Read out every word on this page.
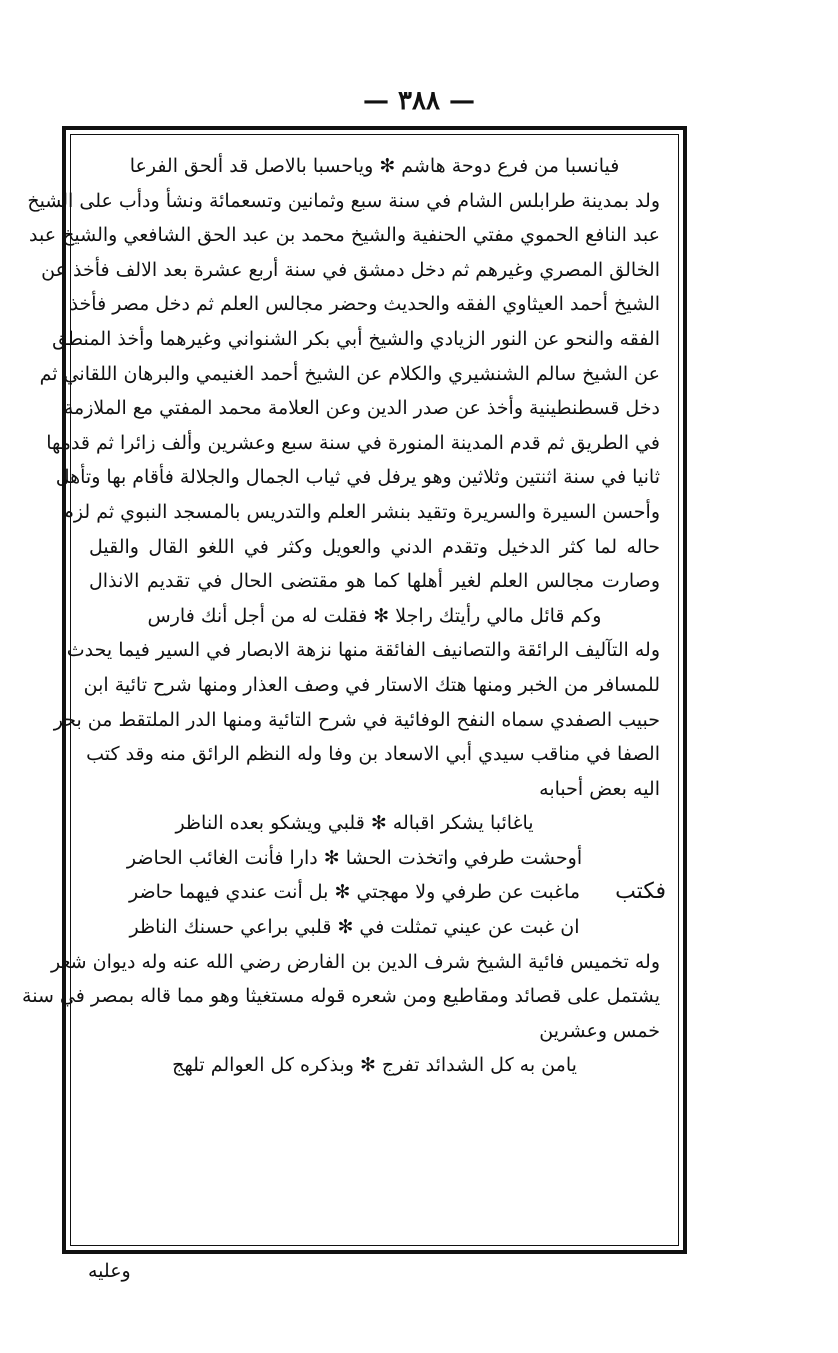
— ٣٨٨ —
فيانسبا من فرع دوحة هاشم ✻ وياحسبا بالاصل قد ألحق الفرعا
ولد بمدينة طرابلس الشام في سنة سبع وثمانين وتسعمائة ونشأ ودأب على الشيخ
عبد النافع الحموي مفتي الحنفية والشيخ محمد بن عبد الحق الشافعي والشيخ عبد
الخالق المصري وغيرهم ثم دخل دمشق في سنة أربع عشرة بعد الالف فأخذ عن
الشيخ أحمد العيثاوي الفقه والحديث وحضر مجالس العلم ثم دخل مصر فأخذ
الفقه والنحو عن النور الزيادي والشيخ أبي بكر الشنواني وغيرهما وأخذ المنطق
عن الشيخ سالم الشنشيري والكلام عن الشيخ أحمد الغنيمي والبرهان اللقاني ثم
دخل قسطنطينية وأخذ عن صدر الدين وعن العلامة محمد المفتي مع الملازمة
في الطريق ثم قدم المدينة المنورة في سنة سبع وعشرين وألف زائرا ثم قدمها
ثانيا في سنة اثنتين وثلاثين وهو يرفل في ثياب الجمال والجلالة فأقام بها وتأهل
وأحسن السيرة والسريرة وتقيد بنشر العلم والتدريس بالمسجد النبوي ثم لزم
حاله لما كثر الدخيل وتقدم الدني والعويل وكثر في اللغو القال والقيل
وصارت مجالس العلم لغير أهلها كما هو مقتضى الحال في تقديم الانذال
وكم قائل مالي رأيتك راجلا ✻ فقلت له من أجل أنك فارس
وله التآليف الرائقة والتصانيف الفائقة منها نزهة الابصار في السير فيما يحدث
للمسافر من الخبر ومنها هتك الاستار في وصف العذار ومنها شرح تائية ابن
حبيب الصفدي سماه النفح الوفائية في شرح التائية ومنها الدر الملتقط من بحر
الصفا في مناقب سيدي أبي الاسعاد بن وفا وله النظم الرائق منه وقد كتب
اليه بعض أحبابه
ياغائبا يشكر اقباله ✻ قلبي ويشكو بعده الناظر
أوحشت طرفي واتخذت الحشا ✻ دارا فأنت الغائب الحاضر
ماغبت عن طرفي ولا مهجتي ✻ بل أنت عندي فيهما حاضر فكتب
ان غبت عن عيني تمثلت في ✻ قلبي براعي حسنك الناظر
وله تخميس فائية الشيخ شرف الدين بن الفارض رضي الله عنه وله ديوان شعر
يشتمل على قصائد ومقاطيع ومن شعره قوله مستغيثا وهو مما قاله بمصر في سنة
خمس وعشرين
يامن به كل الشدائد تفرج ✻ وبذكره كل العوالم تلهج
وعليه
